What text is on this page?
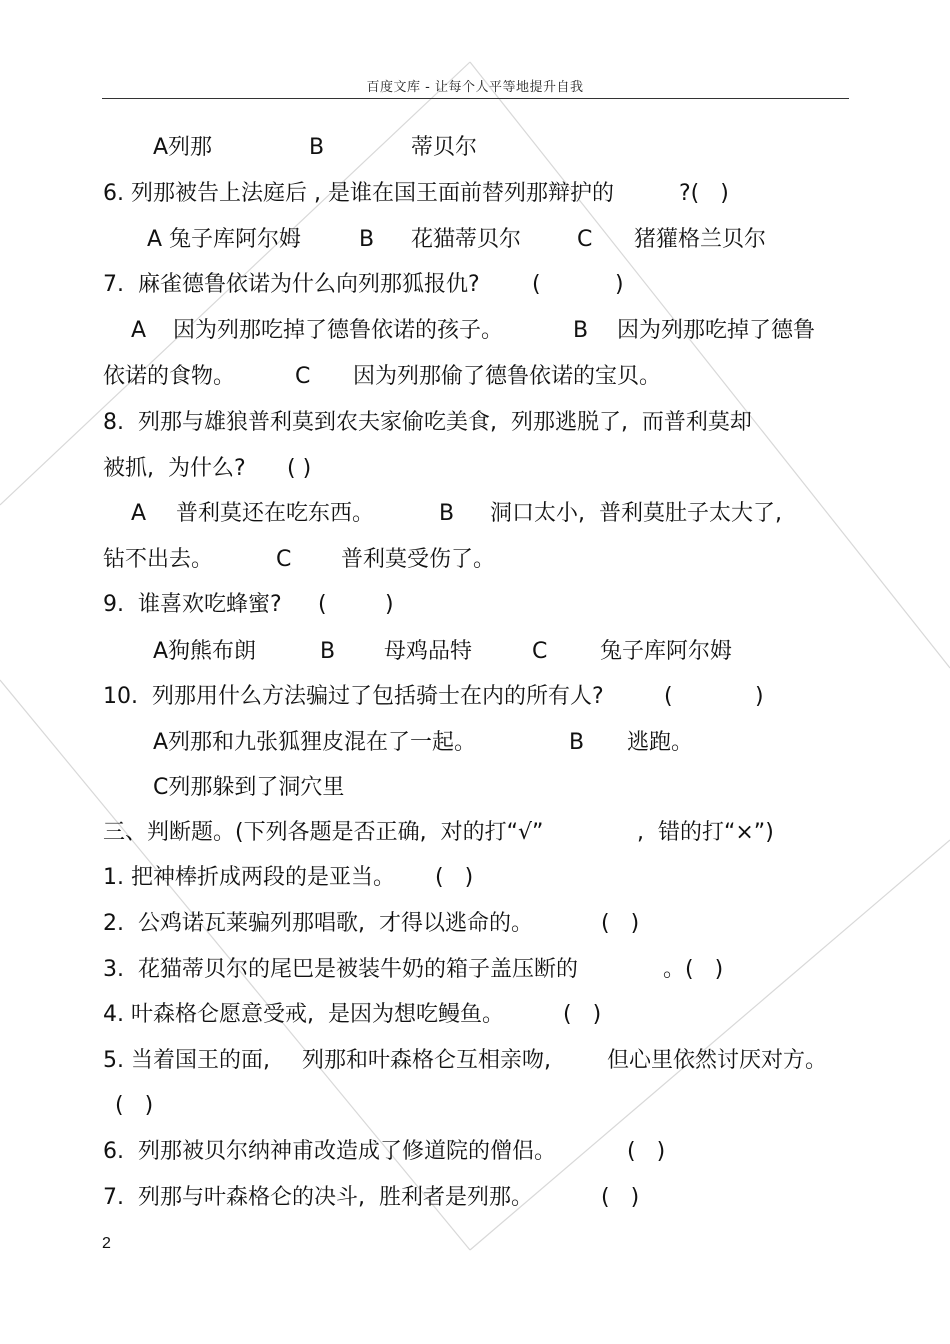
百度文库 - 让每个人平等地提升自我
A列那	B	蒂贝尔
6. 列那被告上法庭后 , 是谁在国王面前替列那辩护的	?(   )
A 兔子库阿尔姆	B 花猫蒂贝尔	C 猪獾格兰贝尔
7.  麻雀德鲁依诺为什么向列那狐报仇? (	)
A 因为列那吃掉了德鲁依诺的孩子。	B 因为列那吃掉了德鲁
依诺的食物。	C 因为列那偷了德鲁依诺的宝贝。
8.  列那与雄狼普利莫到农夫家偷吃美食,  列那逃脱了,  而普利莫却
被抓,  为什么? ( )
A 普利莫还在吃东西。	B 洞口太小,  普利莫肚子太大了,
钻不出去。	C 普利莫受伤了。
9.  谁喜欢吃蜂蜜? (	)
A狗熊布朗	B 母鸡品特	C 兔子库阿尔姆
10.  列那用什么方法骗过了包括骑士在内的所有人?	(	)
A列那和九张狐狸皮混在了一起。	B 逃跑。
C列那躲到了洞穴里
三、判断题。(下列各题是否正确,  对的打“√”	,  错的打“×”)
1. 把神棒折成两段的是亚当。 (   )
2.  公鸡诺瓦莱骗列那唱歌,  才得以逃命的。	(   )
3.  花猫蒂贝尔的尾巴是被装牛奶的箱子盖压断的	。(   )
4. 叶森格仑愿意受戒,  是因为想吃鳗鱼。	(   )
5. 当着国王的面, 列那和叶森格仑互相亲吻,	但心里依然讨厌对方。
(   )
6.  列那被贝尔纳神甫改造成了修道院的僧侣。	(   )
7.  列那与叶森格仑的决斗,  胜利者是列那。	(   )
2
